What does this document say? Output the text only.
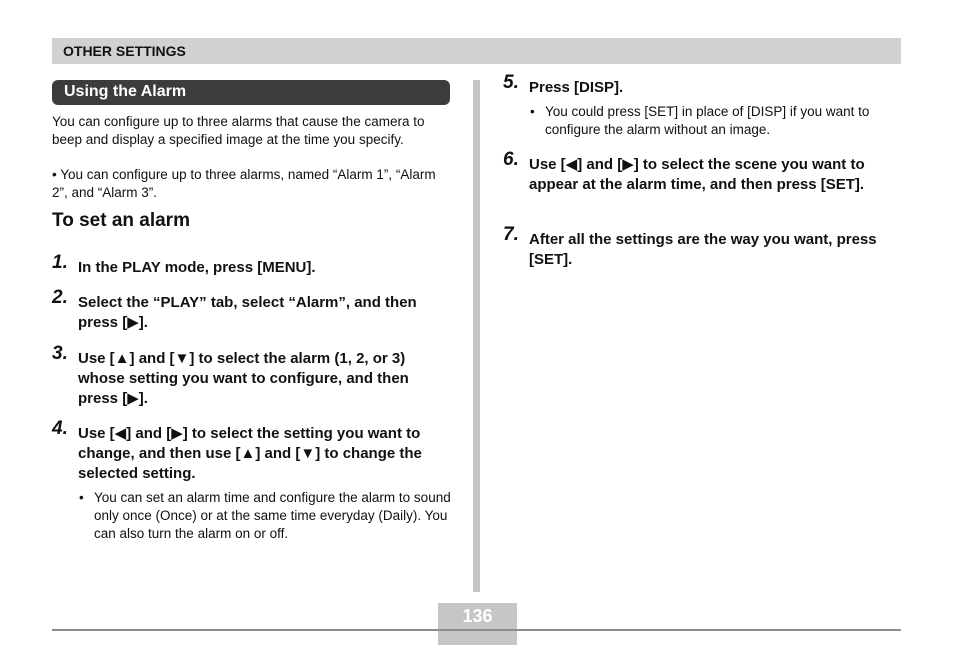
OTHER SETTINGS
Using the Alarm
You can configure up to three alarms that cause the camera to beep and display a specified image at the time you specify.
• You can configure up to three alarms, named “Alarm 1”, “Alarm 2”, and “Alarm 3”.
To set an alarm
1. In the PLAY mode, press [MENU].
2. Select the “PLAY” tab, select “Alarm”, and then press [▶].
3. Use [▲] and [▼] to select the alarm (1, 2, or 3) whose setting you want to configure, and then press [▶].
4. Use [◀] and [▶] to select the setting you want to change, and then use [▲] and [▼] to change the selected setting.
• You can set an alarm time and configure the alarm to sound only once (Once) or at the same time everyday (Daily). You can also turn the alarm on or off.
5. Press [DISP].
• You could press [SET] in place of [DISP] if you want to configure the alarm without an image.
6. Use [◀] and [▶] to select the scene you want to appear at the alarm time, and then press [SET].
7. After all the settings are the way you want, press [SET].
136
